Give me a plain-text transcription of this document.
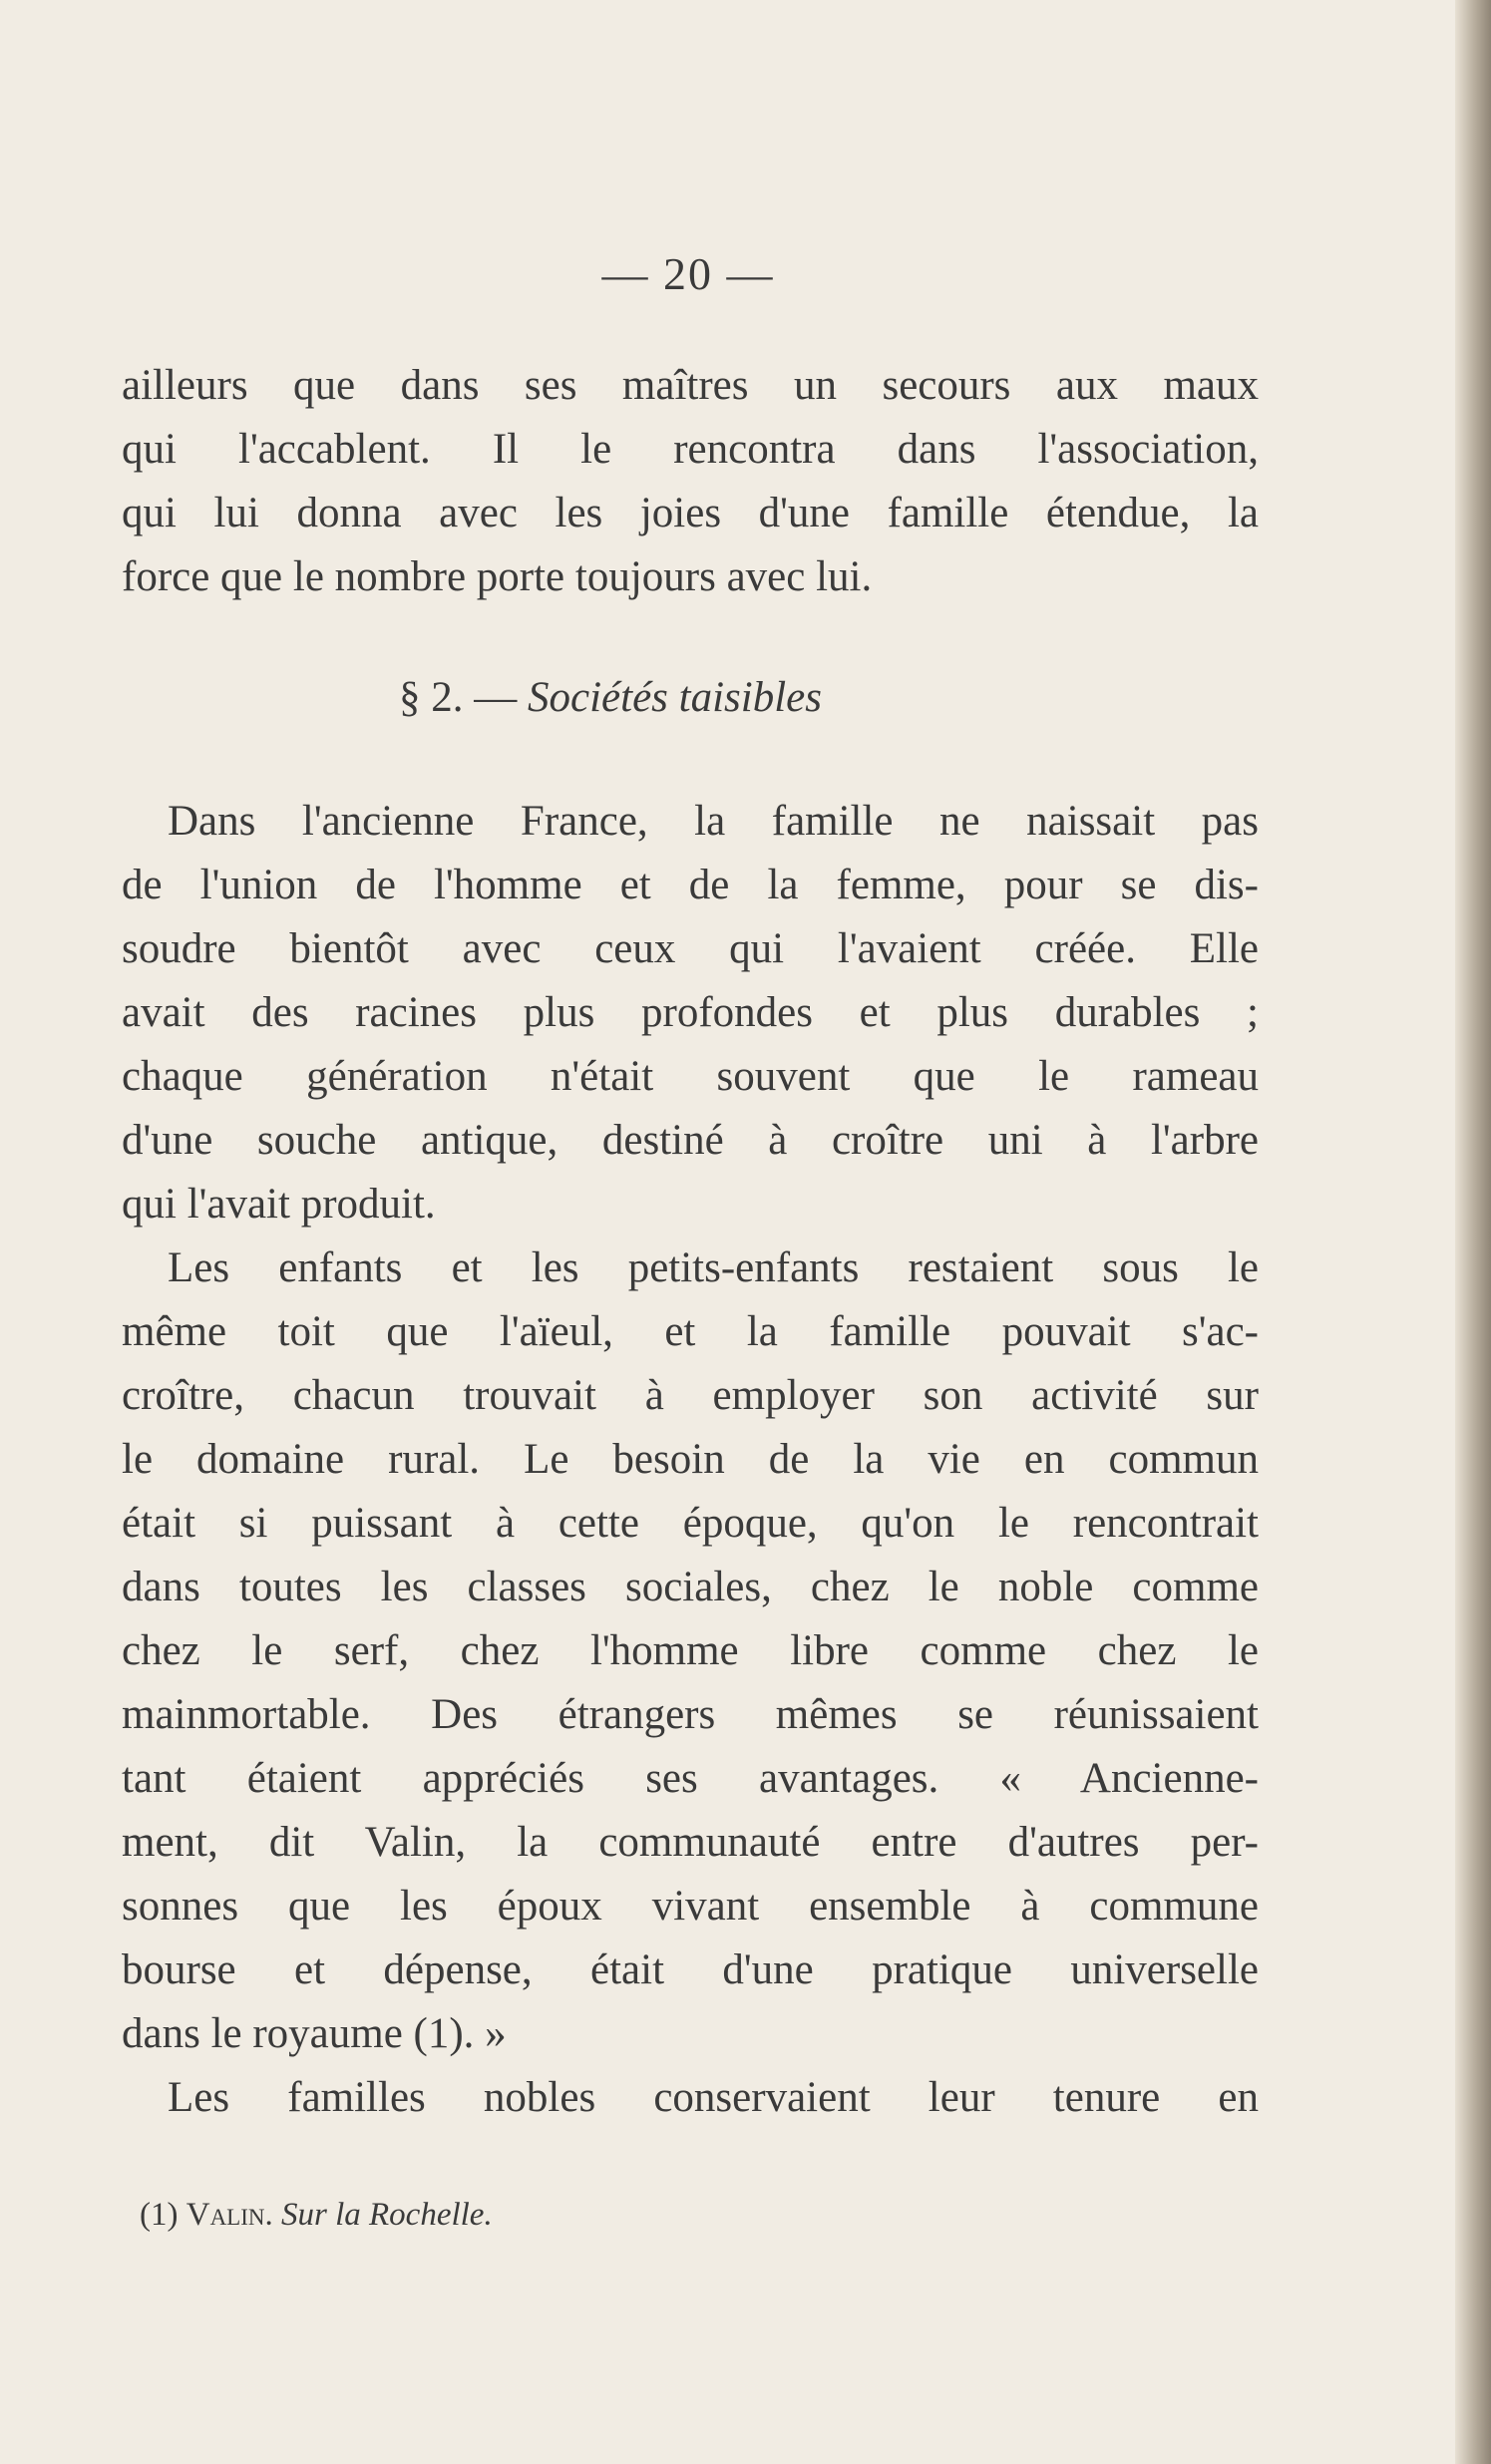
— 20 —
ailleurs que dans ses maîtres un secours aux maux
qui l'accablent. Il le rencontra dans l'association,
qui lui donna avec les joies d'une famille étendue, la
force que le nombre porte toujours avec lui.
§ 2. — Sociétés taisibles
Dans l'ancienne France, la famille ne naissait pas
de l'union de l'homme et de la femme, pour se dis-
soudre bientôt avec ceux qui l'avaient créée. Elle
avait des racines plus profondes et plus durables ;
chaque génération n'était souvent que le rameau
d'une souche antique, destiné à croître uni à l'arbre
qui l'avait produit.
Les enfants et les petits-enfants restaient sous le
même toit que l'aïeul, et la famille pouvait s'ac-
croître, chacun trouvait à employer son activité sur
le domaine rural. Le besoin de la vie en commun
était si puissant à cette époque, qu'on le rencontrait
dans toutes les classes sociales, chez le noble comme
chez le serf, chez l'homme libre comme chez le
mainmortable. Des étrangers mêmes se réunissaient
tant étaient appréciés ses avantages. « Ancienne-
ment, dit Valin, la communauté entre d'autres per-
sonnes que les époux vivant ensemble à commune
bourse et dépense, était d'une pratique universelle
dans le royaume (1). »
Les familles nobles conservaient leur tenure en
(1) Valin. Sur la Rochelle.
